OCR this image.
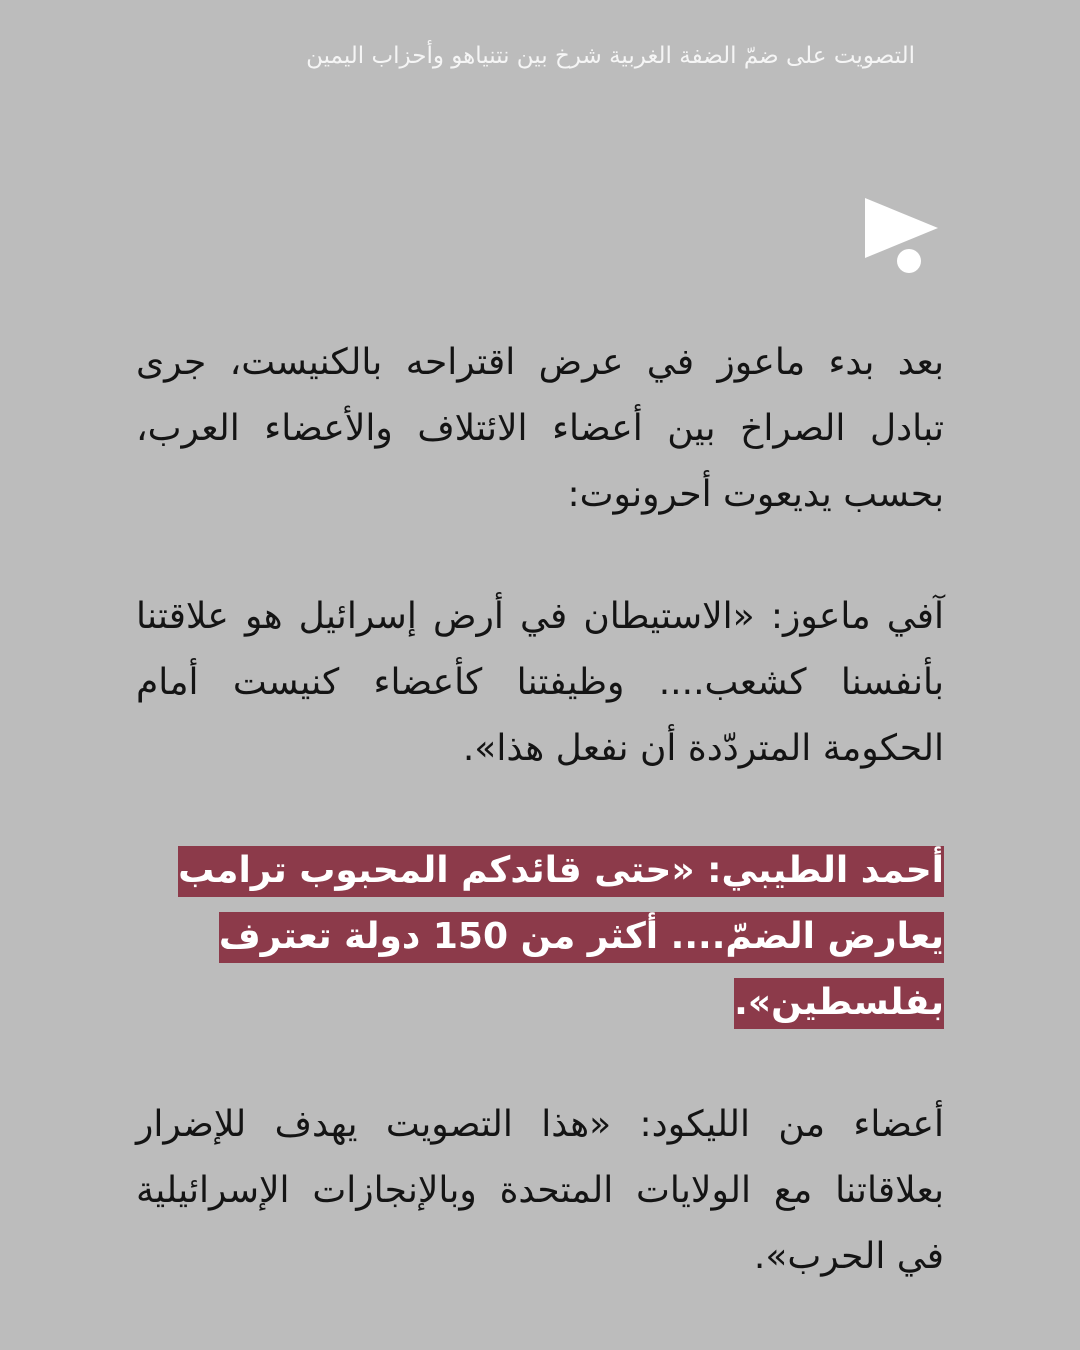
التصويت على ضمّ الضفة الغربية شرخ بين نتنياهو وأحزاب اليمين

بعد بدء ماعوز في عرض اقتراحه بالكنيست، جرى تبادل الصراخ بين أعضاء الائتلاف والأعضاء العرب، بحسب يديعوت أحرونوت:

آفي ماعوز: «الاستيطان في أرض إسرائيل هو علاقتنا بأنفسنا كشعب.... وظيفتنا كأعضاء كنيست أمام الحكومة المتردّدة أن نفعل هذا».

أحمد الطيبي: «حتى قائدكم المحبوب ترامب يعارض الضمّ.... أكثر من 150 دولة تعترف بفلسطين».

أعضاء من الليكود: «هذا التصويت يهدف للإضرار بعلاقاتنا مع الولايات المتحدة وبالإنجازات الإسرائيلية في الحرب».
